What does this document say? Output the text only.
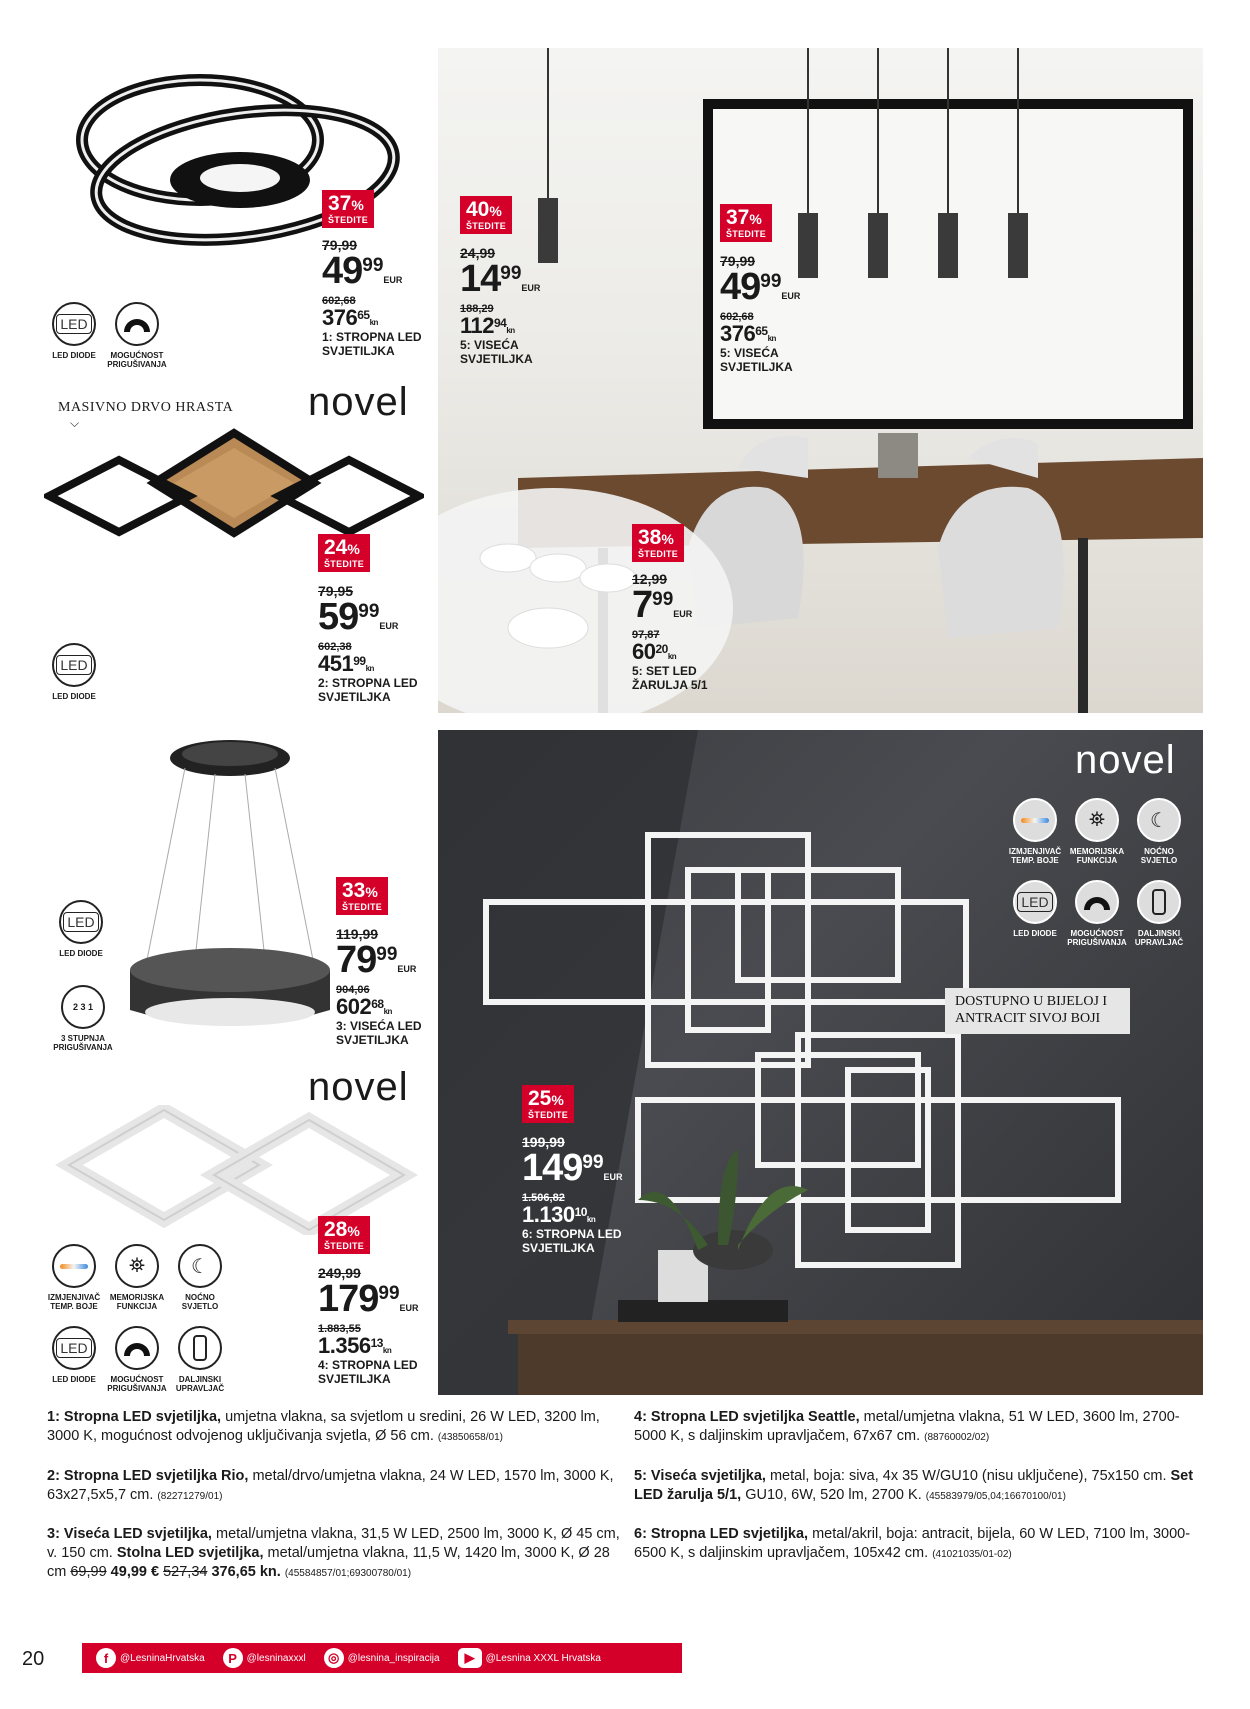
37%
ŠTEDITE
79,99
$49^{99}EUR$
602,68
$376^{65}kn$
1: STROPNA LED SVJETILJKA
LED
LED DIODE	MOGUĆNOST PRIGUŠIVANJA
MASIVNO DRVO HRASTA
⌵	novel
24%
ŠTEDITE
79,95
$59^{99}EUR$
602,38
$451^{99}kn$
2: STROPNA LED SVJETILJKA
LED
LED DIODE
40%
ŠTEDITE
24,99
$14^{99}EUR$
188,29
$112^{94}kn$
5: VISEĆA SVJETILJKA
37%
ŠTEDITE
79,99
$49^{99}EUR$
602,68
$376^{65}kn$
5: VISEĆA SVJETILJKA
38%
ŠTEDITE
12,99
$7^{99}EUR$
97,87
$60^{20}kn$
5: SET LED ŽARULJA 5/1
LED
LED DIODE
2 3 1
3 STUPNJA PRIGUŠIVANJA
33%
ŠTEDITE
119,99
$79^{99}EUR$
904,06
$602^{68}kn$
3: VISEĆA LED SVJETILJKA
novel
28%
ŠTEDITE
249,99
$179^{99}EUR$
1.883,55
1.356$^{13}$kn
4: STROPNA LED SVJETILJKA
IZMJENJIVAČ TEMP. BOJE
⛯
MEMORIJSKA FUNKCIJA
☾
NOĆNO SVJETLO
LED
LED DIODE	MOGUĆNOST PRIGUŠIVANJA
DALJINSKI UPRAVLJAČ
novel
IZMJENJIVAČ TEMP. BOJE
⛯
MEMORIJSKA FUNKCIJA
☾
NOĆNO SVJETLO
LED
LED DIODE	MOGUĆNOST PRIGUŠIVANJA
DALJINSKI UPRAVLJAČ
DOSTUPNO U BIJELOJ I ANTRACIT SIVOJ BOJI
25%
ŠTEDITE
199,99
$149^{99}EUR$
1.506,82
1.130$^{10}$kn
6: STROPNA LED SVJETILJKA

1: Stropna LED svjetiljka, umjetna vlakna, sa svjetlom u sredini, 26 W LED, 3200 lm, 3000 K, mogućnost odvojenog uključivanja svjetla, Ø 56 cm. (43850658/01)

2: Stropna LED svjetiljka Rio, metal/drvo/umjetna vlakna, 24 W LED, 1570 lm, 3000 K, 63x27,5x5,7 cm. (82271279/01)

3: Viseća LED svjetiljka, metal/umjetna vlakna, 31,5 W LED, 2500 lm, 3000 K, Ø 45 cm, v. 150 cm. Stolna LED svjetiljka, metal/umjetna vlakna, 11,5 W, 1420 lm, 3000 K, Ø 28 cm 69,99 49,99 € 527,34 376,65 kn. (45584857/01;69300780/01)

4: Stropna LED svjetiljka Seattle, metal/umjetna vlakna, 51 W LED, 3600 lm, 2700-5000 K, s daljinskim upravljačem, 67x67 cm. (88760002/02)

5: Viseća svjetiljka, metal, boja: siva, 4x 35 W/GU10 (nisu uključene), 75x150 cm. Set LED žarulja 5/1, GU10, 6W, 520 lm, 2700 K. (45583979/05,04;16670100/01)

6: Stropna LED svjetiljka, metal/akril, boja: antracit, bijela, 60 W LED, 7100 lm, 3000-6500 K, s daljinskim upravljačem, 105x42 cm. (41021035/01-02)

20	f	@LesninaHrvatska	P @lesninaxxxl	◎ @lesnina_inspiracija	▶	@Lesnina XXXL Hrvatska
